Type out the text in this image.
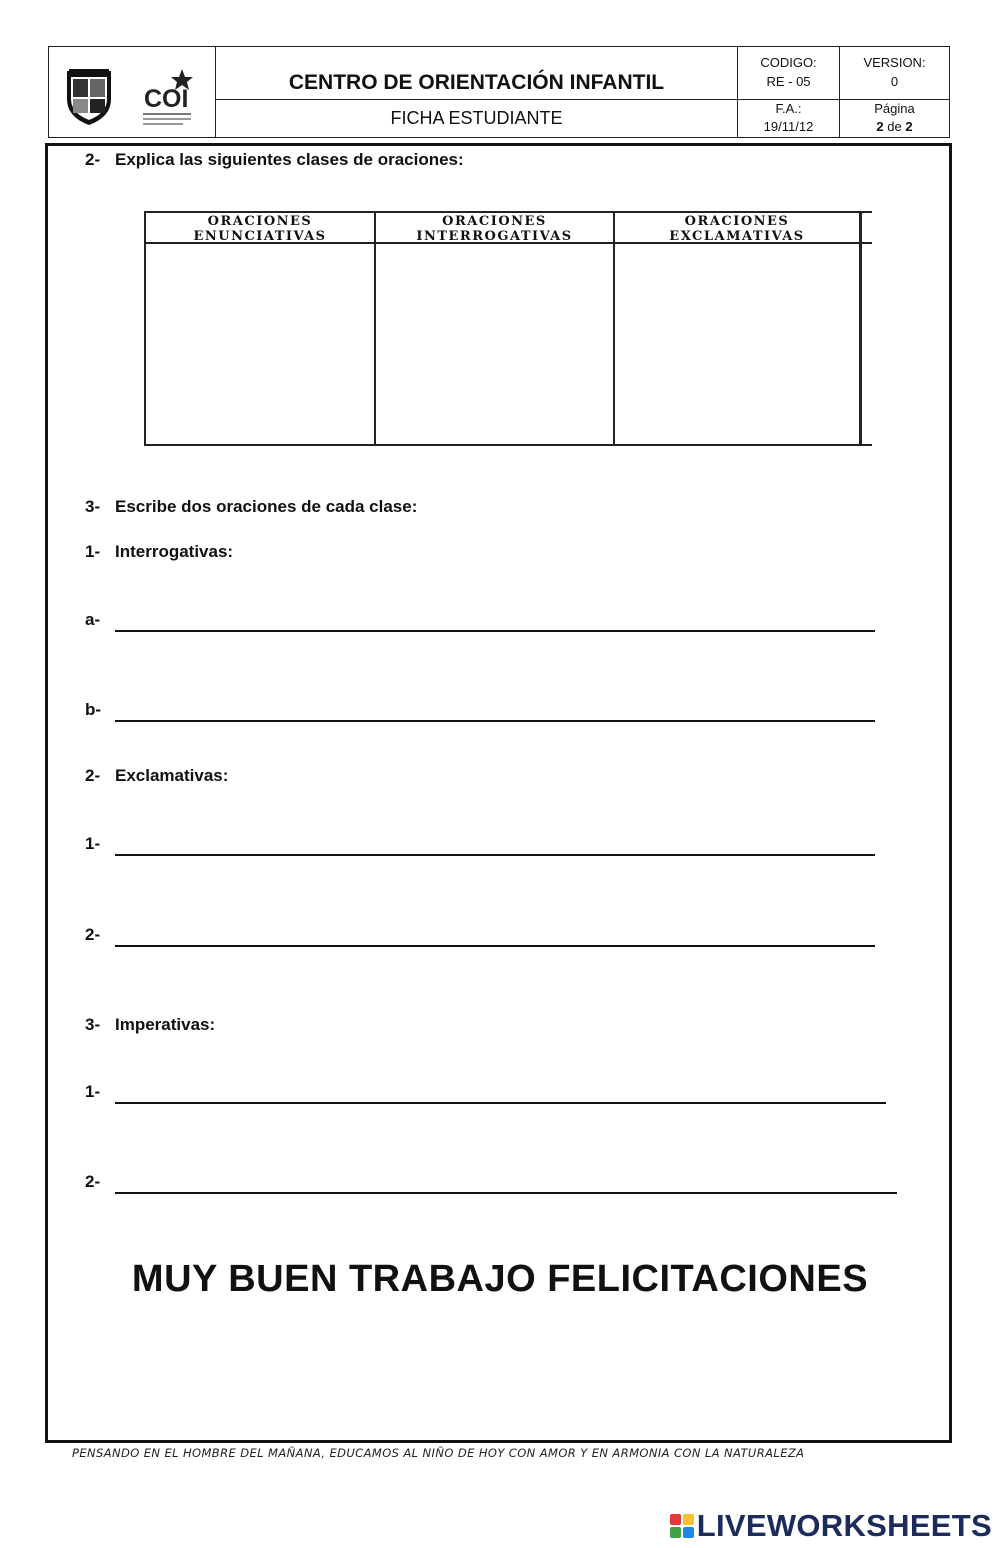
COI
CENTRO DE ORIENTACIÓN INFANTIL
FICHA ESTUDIANTE
CODIGO:
RE - 05
VERSION:
0
F.A.:
19/11/12
Página
2 de 2
2- Explica las siguientes clases de oraciones:
ORACIONES
ENUNCIATIVAS
ORACIONES
INTERROGATIVAS
ORACIONES
EXCLAMATIVAS
3- Escribe dos oraciones de cada clase:
1- Interrogativas:
a-
b-
2- Exclamativas:
1-
2-
3- Imperativas:
1-
2-
MUY BUEN TRABAJO FELICITACIONES
PENSANDO EN EL HOMBRE DEL MAÑANA, EDUCAMOS AL NIÑO DE HOY CON AMOR Y EN ARMONIA CON LA NATURALEZA
LIVEWORKSHEETS
